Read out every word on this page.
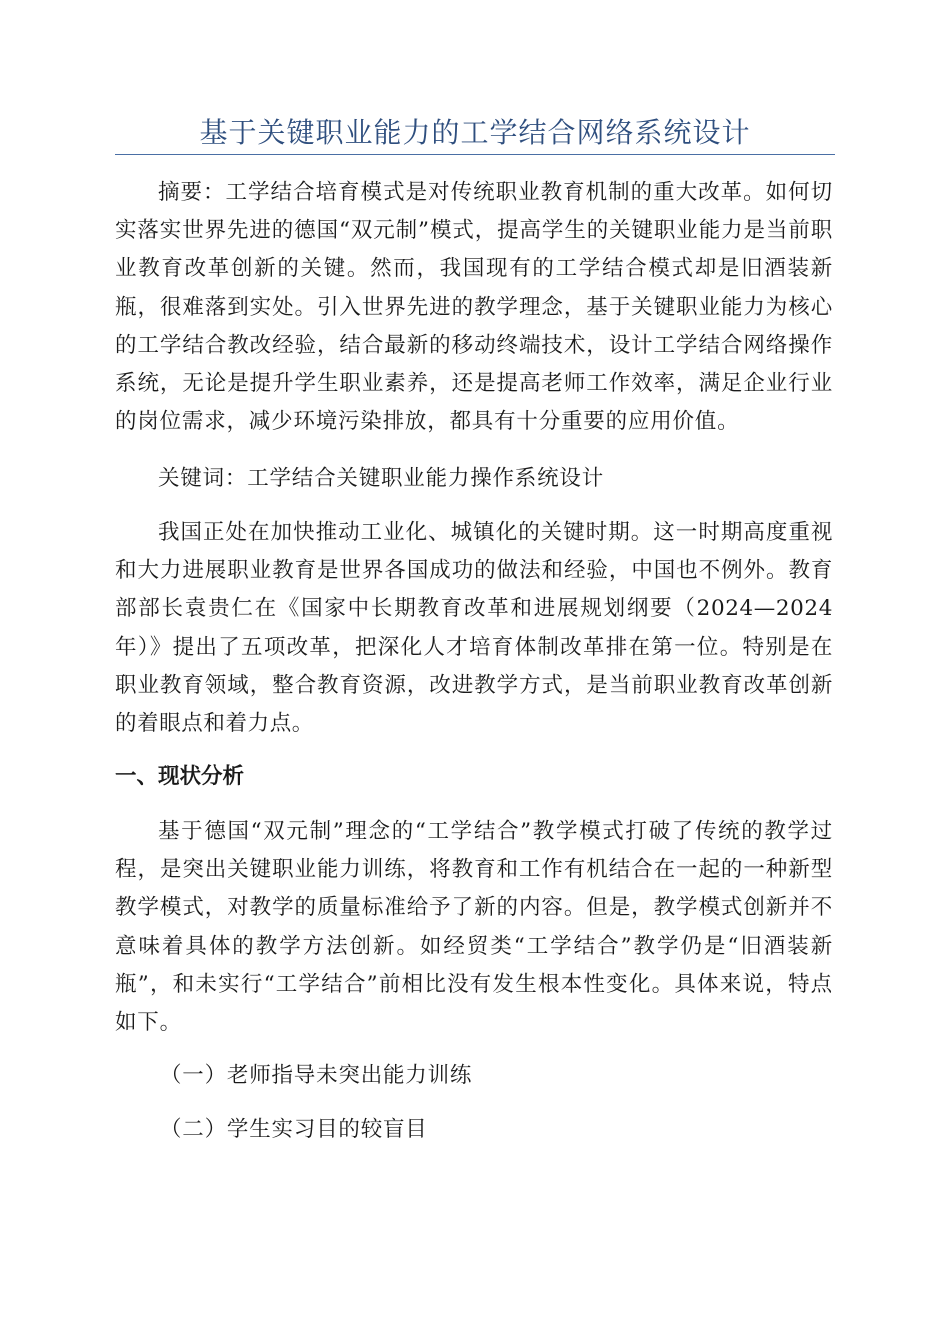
基于关键职业能力的工学结合网络系统设计

摘要：工学结合培育模式是对传统职业教育机制的重大改革。如何切实落实世界先进的德国“双元制”模式，提高学生的关键职业能力是当前职业教育改革创新的关键。然而，我国现有的工学结合模式却是旧酒装新瓶，很难落到实处。引入世界先进的教学理念，基于关键职业能力为核心的工学结合教改经验，结合最新的移动终端技术，设计工学结合网络操作系统，无论是提升学生职业素养，还是提高老师工作效率，满足企业行业的岗位需求，减少环境污染排放，都具有十分重要的应用价值。

关键词：工学结合关键职业能力操作系统设计

我国正处在加快推动工业化、城镇化的关键时期。这一时期高度重视和大力进展职业教育是世界各国成功的做法和经验，中国也不例外。教育部部长袁贵仁在《国家中长期教育改革和进展规划纲要（2024—2024年）》提出了五项改革，把深化人才培育体制改革排在第一位。特别是在职业教育领域，整合教育资源，改进教学方式，是当前职业教育改革创新的着眼点和着力点。

一、现状分析

基于德国“双元制”理念的“工学结合”教学模式打破了传统的教学过程，是突出关键职业能力训练，将教育和工作有机结合在一起的一种新型教学模式，对教学的质量标准给予了新的内容。但是，教学模式创新并不意味着具体的教学方法创新。如经贸类“工学结合”教学仍是“旧酒装新瓶”，和未实行“工学结合”前相比没有发生根本性变化。具体来说，特点如下。

（一）老师指导未突出能力训练

（二）学生实习目的较盲目
